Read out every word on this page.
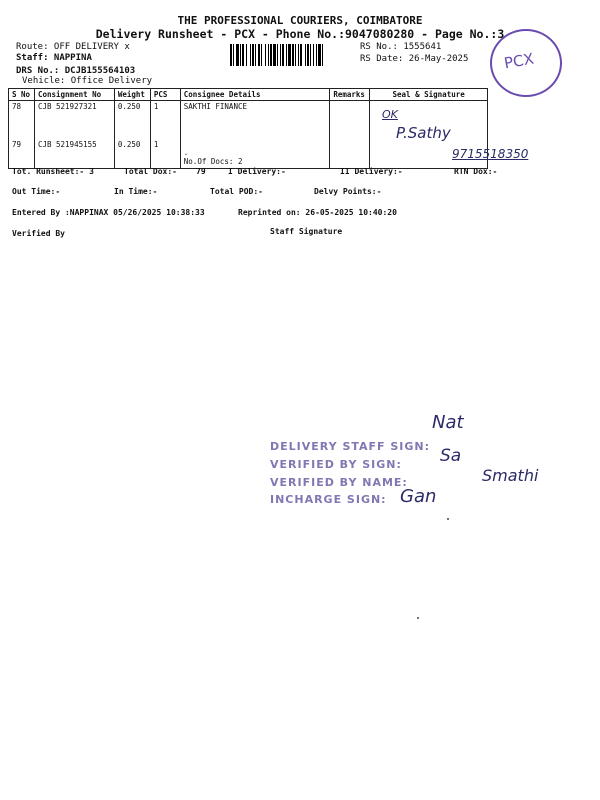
THE PROFESSIONAL COURIERS, COIMBATORE
Delivery Runsheet - PCX - Phone No.:9047080280 - Page No.:3
Route: OFF DELIVERY x
Staff: NAPPINA
DRS No.: DCJB155564103
Vehicle: Office Delivery
RS No.: 1555641
RS Date: 26-May-2025 PCX
S No	Consignment No	Weight	PCS	Consignee Details	Remarks	Seal & Signature
78	CJB 521927321	0.250	1	SAKTHI FINANCE		
79	CJB 521945155	0.250	1	.
No.Of Docs: 2		

OK
P.Sathy
9715518350
Tot. Runsheet:- 3	Total Dox:- 79	I Delivery:-	II Delivery:-	RTN Dox:-
Out Time:-	In Time:-	Total POD:-	Delvy Points:-
Entered By :NAPPINAX 05/26/2025 10:38:33	Reprinted on: 26-05-2025 10:40:20
Verified By	Staff Signature
DELIVERY STAFF SIGN:
VERIFIED BY SIGN:
VERIFIED BY NAME:
INCHARGE SIGN:
Nat
Sa
Smathi
Gan
